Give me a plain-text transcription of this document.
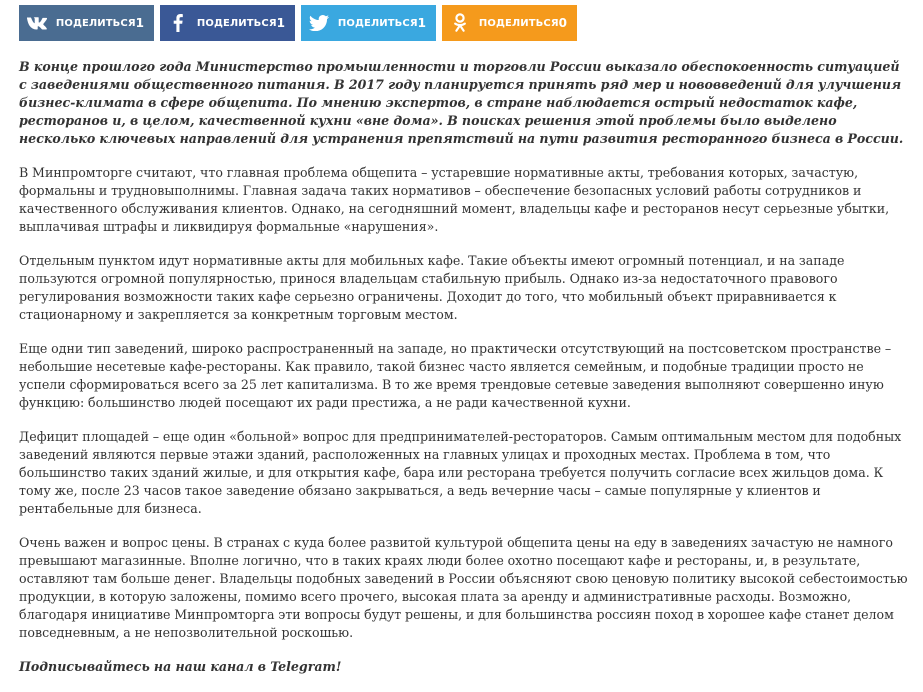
ПОДЕЛИТЬСЯ 1	ПОДЕЛИТЬСЯ 1	ПОДЕЛИТЬСЯ 1	ПОДЕЛИТЬСЯ 0

В конце прошлого года Министерство промышленности и торговли России выказало обеспокоенность ситуацией с заведениями общественного питания. В 2017 году планируется принять ряд мер и нововведений для улучшения бизнес-климата в сфере общепита. По мнению экспертов, в стране наблюдается острый недостаток кафе, ресторанов и, в целом, качественной кухни «вне дома». В поисках решения этой проблемы было выделено несколько ключевых направлений для устранения препятствий на пути развития ресторанного бизнеса в России.

В Минпромторге считают, что главная проблема общепита – устаревшие нормативные акты, требования которых, зачастую, формальны и трудновыполнимы. Главная задача таких нормативов – обеспечение безопасных условий работы сотрудников и качественного обслуживания клиентов. Однако, на сегодняшний момент, владельцы кафе и ресторанов несут серьезные убытки, выплачивая штрафы и ликвидируя формальные «нарушения».

Отдельным пунктом идут нормативные акты для мобильных кафе. Такие объекты имеют огромный потенциал, и на западе пользуются огромной популярностью, принося владельцам стабильную прибыль. Однако из-за недостаточного правового регулирования возможности таких кафе серьезно ограничены. Доходит до того, что мобильный объект приравнивается к стационарному и закрепляется за конкретным торговым местом.

Еще одни тип заведений, широко распространенный на западе, но практически отсутствующий на постсоветском пространстве – небольшие несетевые кафе-рестораны. Как правило, такой бизнес часто является семейным, и подобные традиции просто не успели сформироваться всего за 25 лет капитализма. В то же время трендовые сетевые заведения выполняют совершенно иную функцию: большинство людей посещают их ради престижа, а не ради качественной кухни.

Дефицит площадей – еще один «больной» вопрос для предпринимателей-рестораторов. Самым оптимальным местом для подобных заведений являются первые этажи зданий, расположенных на главных улицах и проходных местах. Проблема в том, что большинство таких зданий жилые, и для открытия кафе, бара или ресторана требуется получить согласие всех жильцов дома. К тому же, после 23 часов такое заведение обязано закрываться, а ведь вечерние часы – самые популярные у клиентов и рентабельные для бизнеса.

Очень важен и вопрос цены. В странах с куда более развитой культурой общепита цены на еду в заведениях зачастую не намного превышают магазинные. Вполне логично, что в таких краях люди более охотно посещают кафе и рестораны, и, в результате, оставляют там больше денег. Владельцы подобных заведений в России объясняют свою ценовую политику высокой себестоимостью продукции, в которую заложены, помимо всего прочего, высокая плата за аренду и административные расходы. Возможно, благодаря инициативе Минпромторга эти вопросы будут решены, и для большинства россиян поход в хорошее кафе станет делом повседневным, а не непозволительной роскошью.

Подписывайтесь на наш канал в Telegram!
